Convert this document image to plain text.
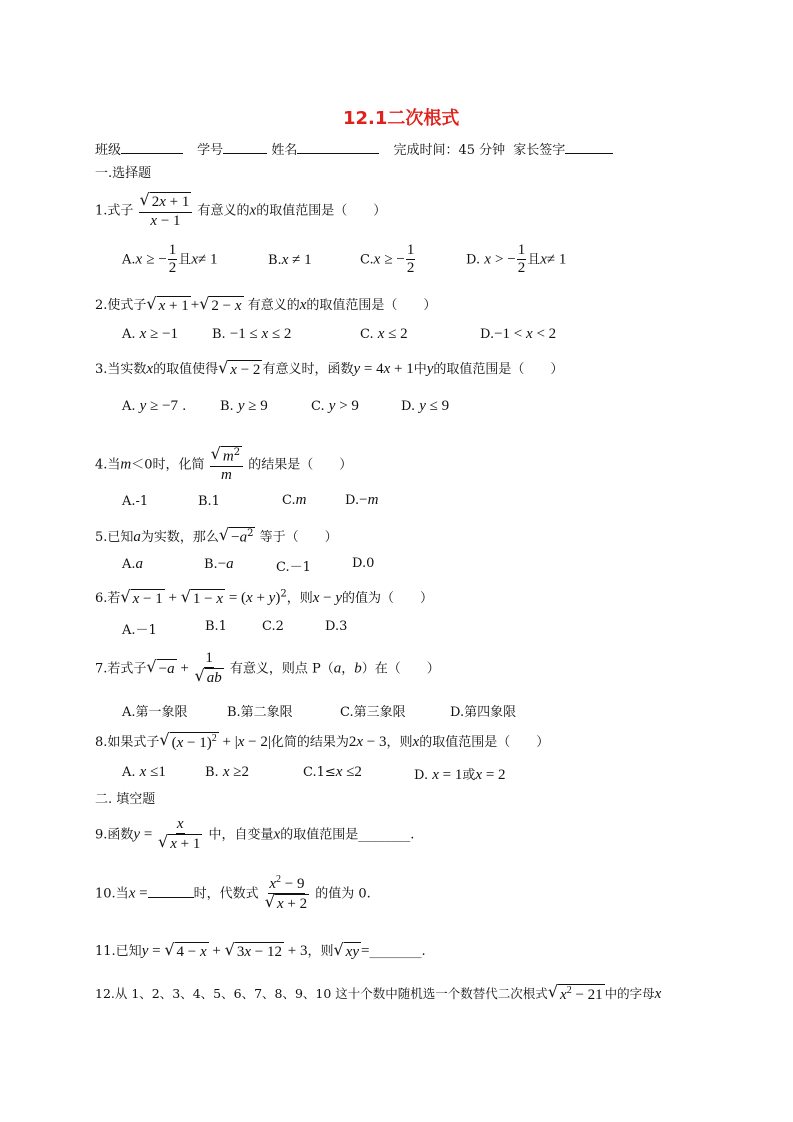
12.1二次根式
班级	学号	姓名	完成时间：45 分钟 家长签字
一.选择题
1.式子 $\frac{√ 2x + 1}{x - 1}$ 有意义的x的取值范围是（　　）
A.x ≥ − $\frac{1}{2}$ 且x≠ 1	B.x ≠ 1	C.x ≥ − $\frac{1}{2}$	D. x > − $\frac{1}{2}$ 且x≠ 1
2.使式子 √ x + 1 + √ 2 − x 有意义的x的取值范围是（　　）
A. x ≥ −1	B. −1 ≤ x ≤ 2	C. x ≤ 2	D.−1 < x < 2
3.当实数x的取值使得 √ x − 2 有意义时，函数y = 4x + 1中y的取值范围是（　　）
A. y ≥ −7 .	B. y ≥ 9	C. y > 9	D. y ≤ 9
4.当m＜0时，化简 $\frac{√ m^2}{m}$ 的结果是（　　）
A.-1	B.1	C.m	D.−m
5.已知a为实数，那么 √ $-a^2$ 等于（　　）
A.a	B.−a	C.－1	D.0
6.若 √ x − 1 + √ $1 - x = (x + y)^2$，则x − y的值为（　　）
A.－1	B.1	C.2	D.3
7.若式子 √ $-a + \frac{1}{√ ab}$ 有意义，则点 P（a，b）在（　　）
A.第一象限	B.第二象限	C.第三象限	D.第四象限
8.如果式子 √ $(x - 1)^2 + |x - 2|$化简的结果为2x − 3，则x的取值范围是（　　）
A. x ≤1	B. x ≥2	C.1≤x ≤2	D. x = 1或x = 2
二. 填空题
9.函数$y = \frac{x}{√ x + 1}$ 中，自变量x的取值范围是________.
10.当x =	时，代数式 $\frac{x^2 - 9}{√ x + 2}$ 的值为 0.
11.已知y = √ 4 − x + √ 3x − 12 + 3，则 √ xy =________.
12.从 1、2、3、4、5、6、7、8、9、10 这十个数中随机选一个数替代二次根式 √ $x^2 - 21$ 中的字母x
